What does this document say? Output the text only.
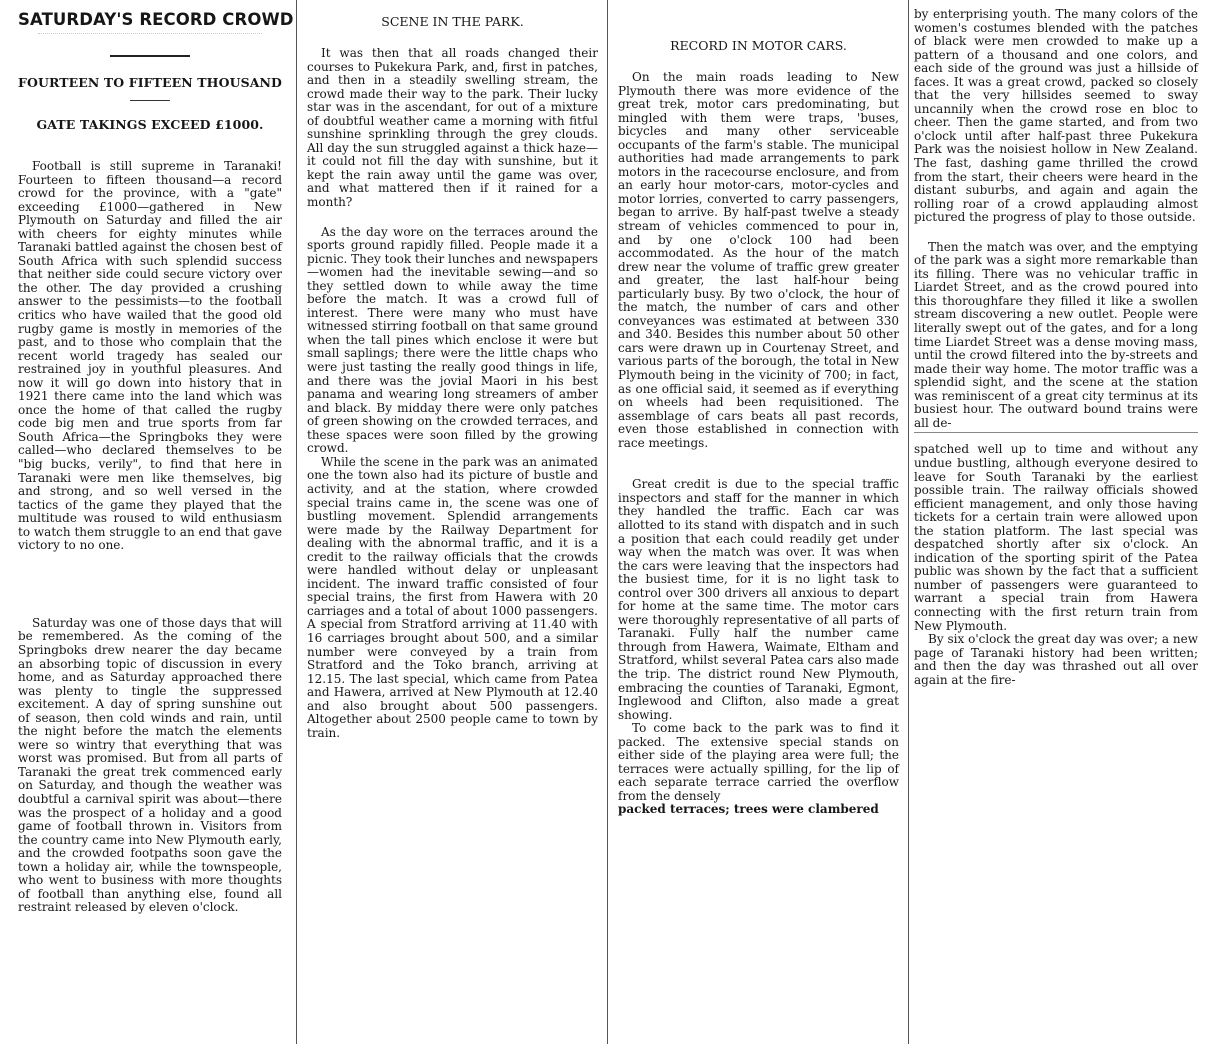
SATURDAY'S RECORD CROWD
FOURTEEN TO FIFTEEN THOUSAND
GATE TAKINGS EXCEED £1000.

Football is still supreme in Taranaki! Fourteen to fifteen thousand—a record crowd for the province, with a "gate" exceeding £1000—gathered in New Plymouth on Saturday and filled the air with cheers for eighty minutes while Taranaki battled against the chosen best of South Africa with such splendid success that neither side could secure victory over the other. The day provided a crushing answer to the pessimists—to the football critics who have wailed that the good old rugby game is mostly in memories of the past, and to those who complain that the recent world tragedy has sealed our restrained joy in youthful pleasures. And now it will go down into history that in 1921 there came into the land which was once the home of that called the rugby code big men and true sports from far South Africa—the Springboks they were called—who declared themselves to be "big bucks, verily", to find that here in Taranaki were men like themselves, big and strong, and so well versed in the tactics of the game they played that the multitude was roused to wild enthusiasm to watch them struggle to an end that gave victory to no one.

Saturday was one of those days that will be remembered. As the coming of the Springboks drew nearer the day became an absorbing topic of discussion in every home, and as Saturday approached there was plenty to tingle the suppressed excitement. A day of spring sunshine out of season, then cold winds and rain, until the night before the match the elements were so wintry that everything that was worst was promised. But from all parts of Taranaki the great trek commenced early on Saturday, and though the weather was doubtful a carnival spirit was about—there was the prospect of a holiday and a good game of football thrown in. Visitors from the country came into New Plymouth early, and the crowded footpaths soon gave the town a holiday air, while the townspeople, who went to business with more thoughts of football than anything else, found all restraint released by eleven o'clock.

SCENE IN THE PARK.

It was then that all roads changed their courses to Pukekura Park, and, first in patches, and then in a steadily swelling stream, the crowd made their way to the park. Their lucky star was in the ascendant, for out of a mixture of doubtful weather came a morning with fitful sunshine sprinkling through the grey clouds. All day the sun struggled against a thick haze—it could not fill the day with sunshine, but it kept the rain away until the game was over, and what mattered then if it rained for a month?

As the day wore on the terraces around the sports ground rapidly filled. People made it a picnic. They took their lunches and newspapers—women had the inevitable sewing—and so they settled down to while away the time before the match. It was a crowd full of interest. There were many who must have witnessed stirring football on that same ground when the tall pines which enclose it were but small saplings; there were the little chaps who were just tasting the really good things in life, and there was the jovial Maori in his best panama and wearing long streamers of amber and black. By midday there were only patches of green showing on the crowded terraces, and these spaces were soon filled by the growing crowd.

While the scene in the park was an animated one the town also had its picture of bustle and activity, and at the station, where crowded special trains came in, the scene was one of bustling movement. Splendid arrangements were made by the Railway Department for dealing with the abnormal traffic, and it is a credit to the railway officials that the crowds were handled without delay or unpleasant incident. The inward traffic consisted of four special trains, the first from Hawera with 20 carriages and a total of about 1000 passengers. A special from Stratford arriving at 11.40 with 16 carriages brought about 500, and a similar number were conveyed by a train from Stratford and the Toko branch, arriving at 12.15. The last special, which came from Patea and Hawera, arrived at New Plymouth at 12.40 and also brought about 500 passengers. Altogether about 2500 people came to town by train.

RECORD IN MOTOR CARS.

On the main roads leading to New Plymouth there was more evidence of the great trek, motor cars predominating, but mingled with them were traps, 'buses, bicycles and many other serviceable occupants of the farm's stable. The municipal authorities had made arrangements to park motors in the racecourse enclosure, and from an early hour motor-cars, motor-cycles and motor lorries, converted to carry passengers, began to arrive. By half-past twelve a steady stream of vehicles commenced to pour in, and by one o'clock 100 had been accommodated. As the hour of the match drew near the volume of traffic grew greater and greater, the last half-hour being particularly busy. By two o'clock, the hour of the match, the number of cars and other conveyances was estimated at between 330 and 340. Besides this number about 50 other cars were drawn up in Courtenay Street, and various parts of the borough, the total in New Plymouth being in the vicinity of 700; in fact, as one official said, it seemed as if everything on wheels had been requisitioned. The assemblage of cars beats all past records, even those established in connection with race meetings.

Great credit is due to the special traffic inspectors and staff for the manner in which they handled the traffic. Each car was allotted to its stand with dispatch and in such a position that each could readily get under way when the match was over. It was when the cars were leaving that the inspectors had the busiest time, for it is no light task to control over 300 drivers all anxious to depart for home at the same time. The motor cars were thoroughly representative of all parts of Taranaki. Fully half the number came through from Hawera, Waimate, Eltham and Stratford, whilst several Patea cars also made the trip. The district round New Plymouth, embracing the counties of Taranaki, Egmont, Inglewood and Clifton, also made a great showing.

To come back to the park was to find it packed. The extensive special stands on either side of the playing area were full; the terraces were actually spilling, for the lip of each separate terrace carried the overflow from the densely

packed terraces; trees were clambered

by enterprising youth. The many colors of the women's costumes blended with the patches of black were men crowded to make up a pattern of a thousand and one colors, and each side of the ground was just a hillside of faces. It was a great crowd, packed so closely that the very hillsides seemed to sway uncannily when the crowd rose en bloc to cheer. Then the game started, and from two o'clock until after half-past three Pukekura Park was the noisiest hollow in New Zealand. The fast, dashing game thrilled the crowd from the start, their cheers were heard in the distant suburbs, and again and again the rolling roar of a crowd applauding almost pictured the progress of play to those outside.

Then the match was over, and the emptying of the park was a sight more remarkable than its filling. There was no vehicular traffic in Liardet Street, and as the crowd poured into this thoroughfare they filled it like a swollen stream discovering a new outlet. People were literally swept out of the gates, and for a long time Liardet Street was a dense moving mass, until the crowd filtered into the by-streets and made their way home. The motor traffic was a splendid sight, and the scene at the station was reminiscent of a great city terminus at its busiest hour. The outward bound trains were all de-

spatched well up to time and without any undue bustling, although everyone desired to leave for South Taranaki by the earliest possible train. The railway officials showed efficient management, and only those having tickets for a certain train were allowed upon the station platform. The last special was despatched shortly after six o'clock. An indication of the sporting spirit of the Patea public was shown by the fact that a sufficient number of passengers were guaranteed to warrant a special train from Hawera connecting with the first return train from New Plymouth.

By six o'clock the great day was over; a new page of Taranaki history had been written; and then the day was thrashed out all over again at the fire-
